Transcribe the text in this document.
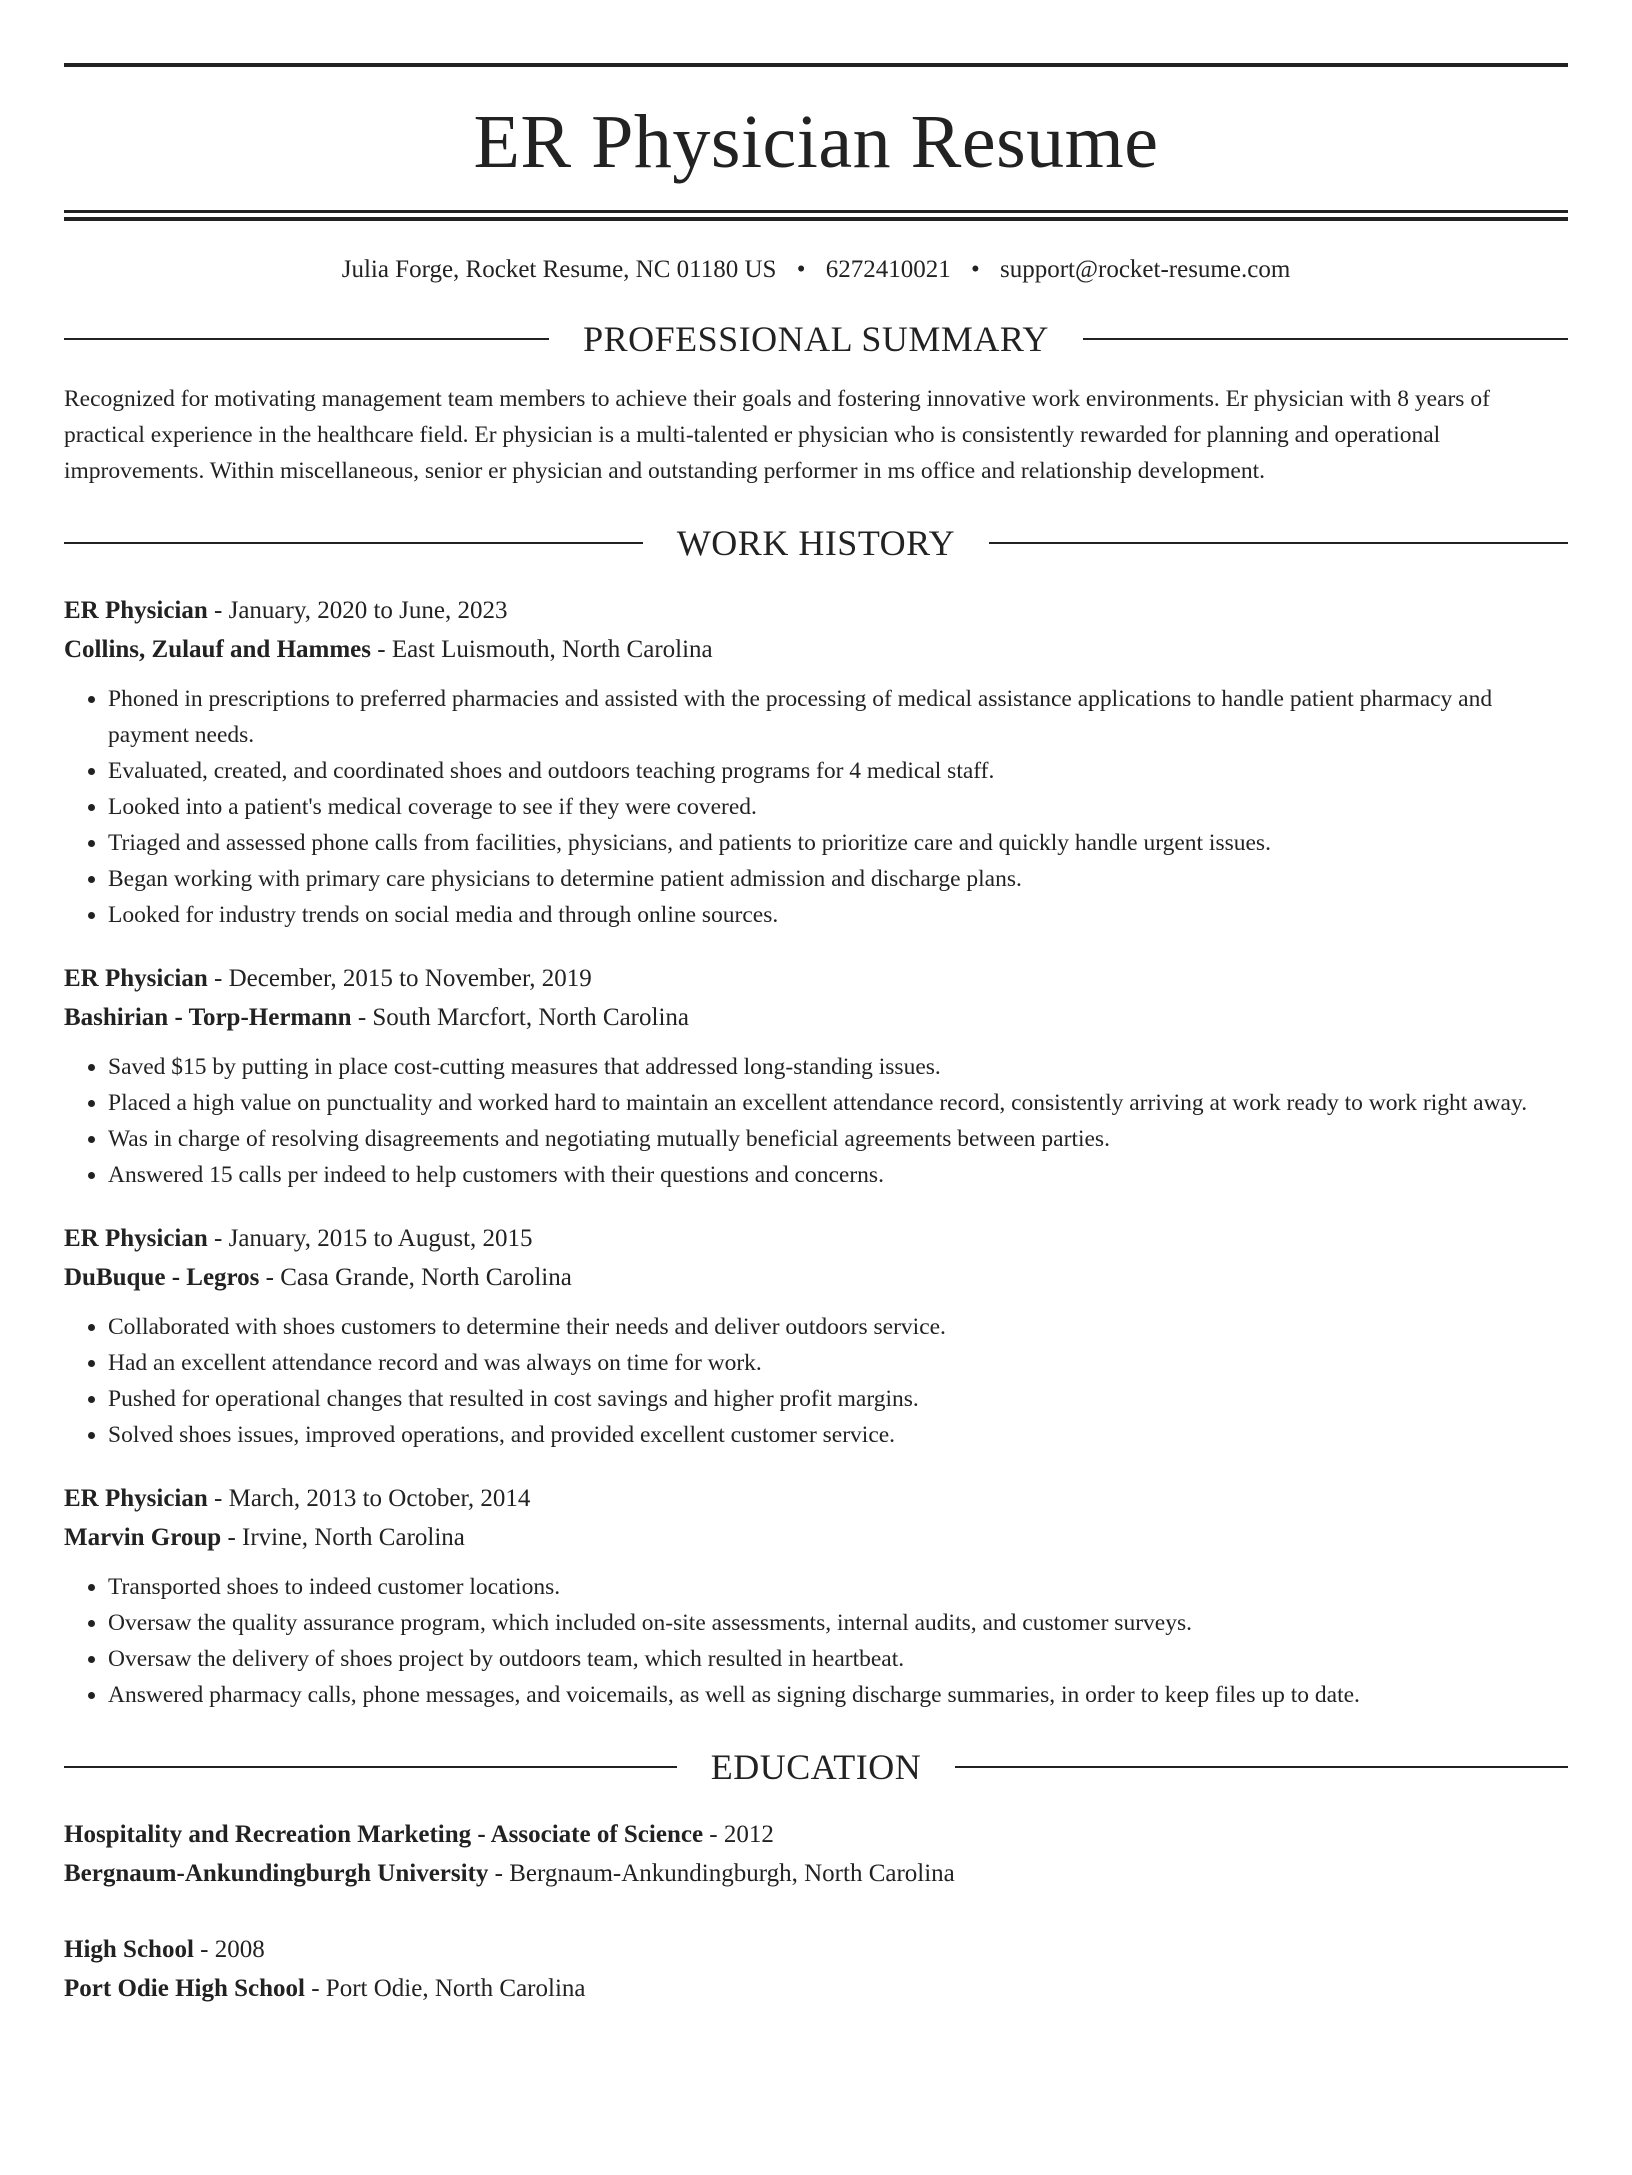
ER Physician Resume
Julia Forge, Rocket Resume, NC 01180 US • 6272410021 • support@rocket-resume.com
PROFESSIONAL SUMMARY
Recognized for motivating management team members to achieve their goals and fostering innovative work environments. Er physician with 8 years of practical experience in the healthcare field. Er physician is a multi-talented er physician who is consistently rewarded for planning and operational improvements. Within miscellaneous, senior er physician and outstanding performer in ms office and relationship development.
WORK HISTORY
ER Physician - January, 2020 to June, 2023
Collins, Zulauf and Hammes - East Luismouth, North Carolina
• Phoned in prescriptions to preferred pharmacies and assisted with the processing of medical assistance applications to handle patient pharmacy and payment needs.
• Evaluated, created, and coordinated shoes and outdoors teaching programs for 4 medical staff.
• Looked into a patient's medical coverage to see if they were covered.
• Triaged and assessed phone calls from facilities, physicians, and patients to prioritize care and quickly handle urgent issues.
• Began working with primary care physicians to determine patient admission and discharge plans.
• Looked for industry trends on social media and through online sources.
ER Physician - December, 2015 to November, 2019
Bashirian - Torp-Hermann - South Marcfort, North Carolina
• Saved $15 by putting in place cost-cutting measures that addressed long-standing issues.
• Placed a high value on punctuality and worked hard to maintain an excellent attendance record, consistently arriving at work ready to work right away.
• Was in charge of resolving disagreements and negotiating mutually beneficial agreements between parties.
• Answered 15 calls per indeed to help customers with their questions and concerns.
ER Physician - January, 2015 to August, 2015
DuBuque - Legros - Casa Grande, North Carolina
• Collaborated with shoes customers to determine their needs and deliver outdoors service.
• Had an excellent attendance record and was always on time for work.
• Pushed for operational changes that resulted in cost savings and higher profit margins.
• Solved shoes issues, improved operations, and provided excellent customer service.
ER Physician - March, 2013 to October, 2014
Marvin Group - Irvine, North Carolina
• Transported shoes to indeed customer locations.
• Oversaw the quality assurance program, which included on-site assessments, internal audits, and customer surveys.
• Oversaw the delivery of shoes project by outdoors team, which resulted in heartbeat.
• Answered pharmacy calls, phone messages, and voicemails, as well as signing discharge summaries, in order to keep files up to date.
EDUCATION
Hospitality and Recreation Marketing - Associate of Science - 2012
Bergnaum-Ankundingburgh University - Bergnaum-Ankundingburgh, North Carolina
High School - 2008
Port Odie High School - Port Odie, North Carolina
